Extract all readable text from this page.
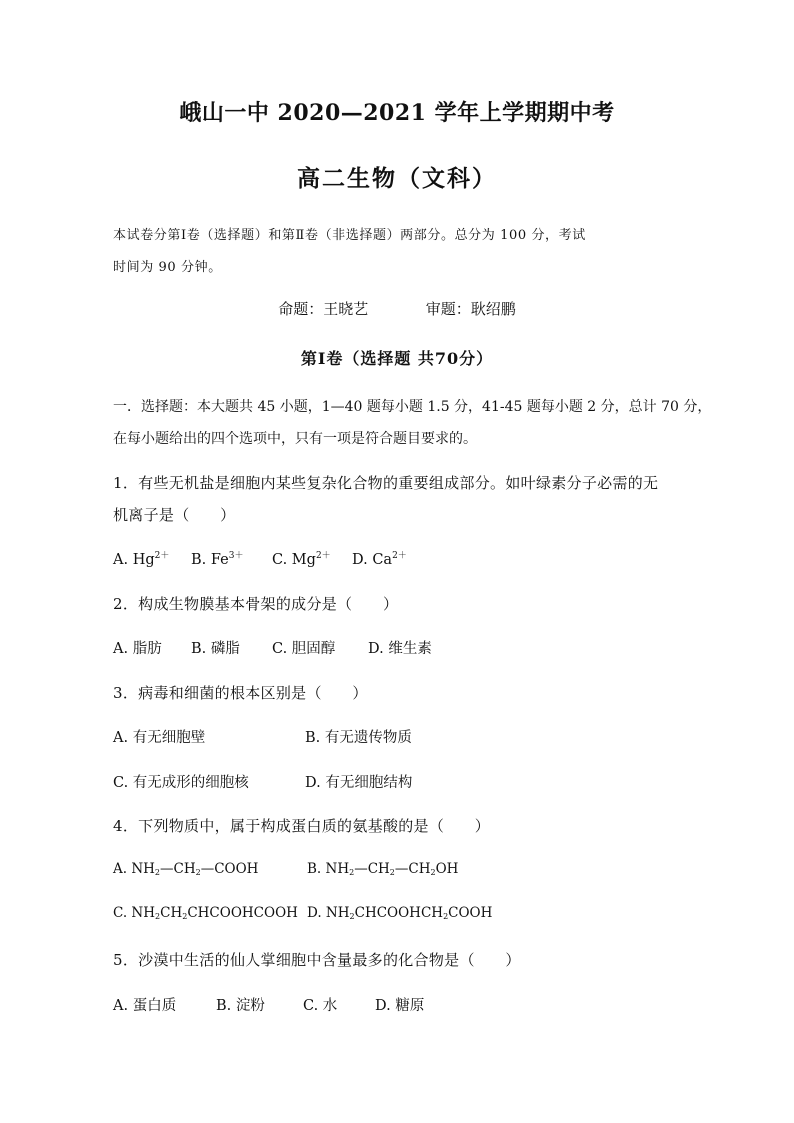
峨山一中 2020—2021 学年上学期期中考
高二生物（文科）
本试卷分第Ⅰ卷（选择题）和第Ⅱ卷（非选择题）两部分。总分为 100 分，考试
时间为 90 分钟。
命题：王晓艺	审题：耿绍鹏
第Ⅰ卷（选择题 共70分）
一．选择题：本大题共 45 小题，1—40 题每小题 1.5 分，41-45 题每小题 2 分，总计 70 分，
在每小题给出的四个选项中，只有一项是符合题目要求的。
1．有些无机盐是细胞内某些复杂化合物的重要组成部分。如叶绿素分子必需的无
机离子是（　　）
A. $Hg^{2+}$ B. $Fe^{3+}$ C. $Mg^{2+}$ D. $Ca^{2+}$
2．构成生物膜基本骨架的成分是（　　）
A. 脂肪 B. 磷脂 C. 胆固醇 D. 维生素
3．病毒和细菌的根本区别是（　　）
A. 有无细胞壁	B. 有无遗传物质
C. 有无成形的细胞核	D. 有无细胞结构
4．下列物质中，属于构成蛋白质的氨基酸的是（　　）
A. $NH_2—CH_2—COOH$	B. $NH_2—CH_2—CH_2OH$
C. $NH_2CH_2CHCOOHCOOH$ D. $NH_2CHCOOHCH_2COOH$
5．沙漠中生活的仙人掌细胞中含量最多的化合物是（　　）
A. 蛋白质	B. 淀粉	C. 水	D. 糖原
